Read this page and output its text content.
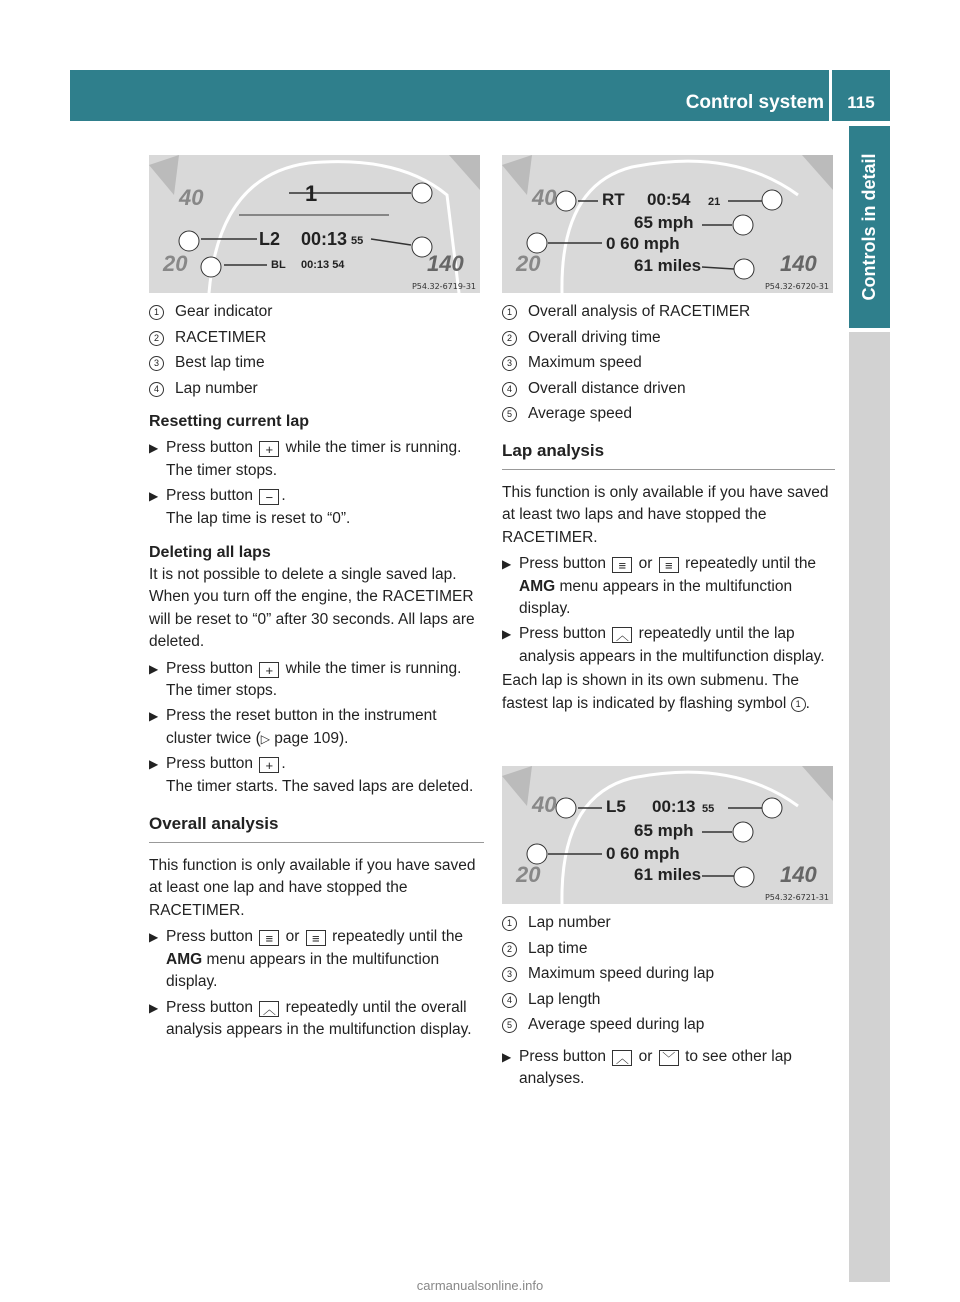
Control system	115
Controls in detail
40
20	140
1
L2 00:13 55
BL 00:13 54
P54.32-6719-31
40
20	140
RT 00:54 21
65 mph
0 60 mph
61 miles
P54.32-6720-31
40
20	140
L5 00:13 55
65 mph
0 60 mph
61 miles
P54.32-6721-31
1	Gear indicator
2	RACETIMER
3	Best lap time
4	Lap number

Resetting current lap

▶ Press button + while the timer is running.
The timer stops.

▶ Press button − .
The lap time is reset to “0”.

Deleting all laps

It is not possible to delete a single saved lap.

When you turn off the engine, the RACETIMER will be reset to “0” after 30 seconds. All laps are deleted.

▶ Press button + while the timer is running.
The timer stops.

▶ Press the reset button in the instrument cluster twice (▷ page 109).

▶ Press button + .
The timer starts. The saved laps are deleted.

Overall analysis

This function is only available if you have saved at least one lap and have stopped the RACETIMER.

▶ Press button ≡ or ≡ repeatedly until the AMG menu appears in the multifunction display.

▶ Press button ︿ repeatedly until the overall analysis appears in the multifunction display.

1	Overall analysis of RACETIMER
2	Overall driving time
3	Maximum speed
4	Overall distance driven
5	Average speed

Lap analysis

This function is only available if you have saved at least two laps and have stopped the RACETIMER.

▶ Press button ≡ or ≡ repeatedly until the AMG menu appears in the multifunction display.

▶ Press button ︿ repeatedly until the lap analysis appears in the multifunction display.

Each lap is shown in its own submenu. The fastest lap is indicated by flashing symbol 1 .

1	Lap number
2	Lap time
3	Maximum speed during lap
4	Lap length
5	Average speed during lap

▶ Press button ︿ or ﹀ to see other lap analyses.

carmanualsonline.info
